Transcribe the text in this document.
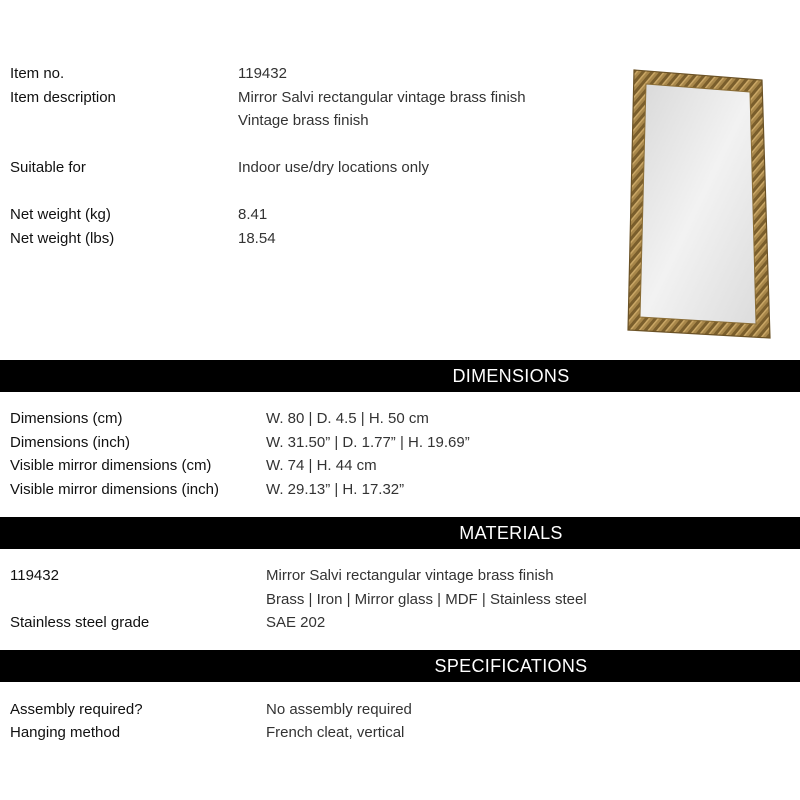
Item no.	119432
Item description	Mirror Salvi rectangular vintage brass finish
Vintage brass finish
Suitable for	Indoor use/dry locations only
Net weight (kg)	8.41
Net weight (lbs)	18.54
DIMENSIONS
Dimensions (cm)	W. 80 | D. 4.5 | H. 50 cm
Dimensions (inch)	W. 31.50” | D. 1.77” | H. 19.69”
Visible mirror dimensions (cm)	W. 74 | H. 44 cm
Visible mirror dimensions (inch)	W. 29.13” | H. 17.32”
MATERIALS
119432	Mirror Salvi rectangular vintage brass finish
Brass | Iron | Mirror glass | MDF | Stainless steel
Stainless steel grade	SAE 202
SPECIFICATIONS
Assembly required?	No assembly required
Hanging method	French cleat, vertical
